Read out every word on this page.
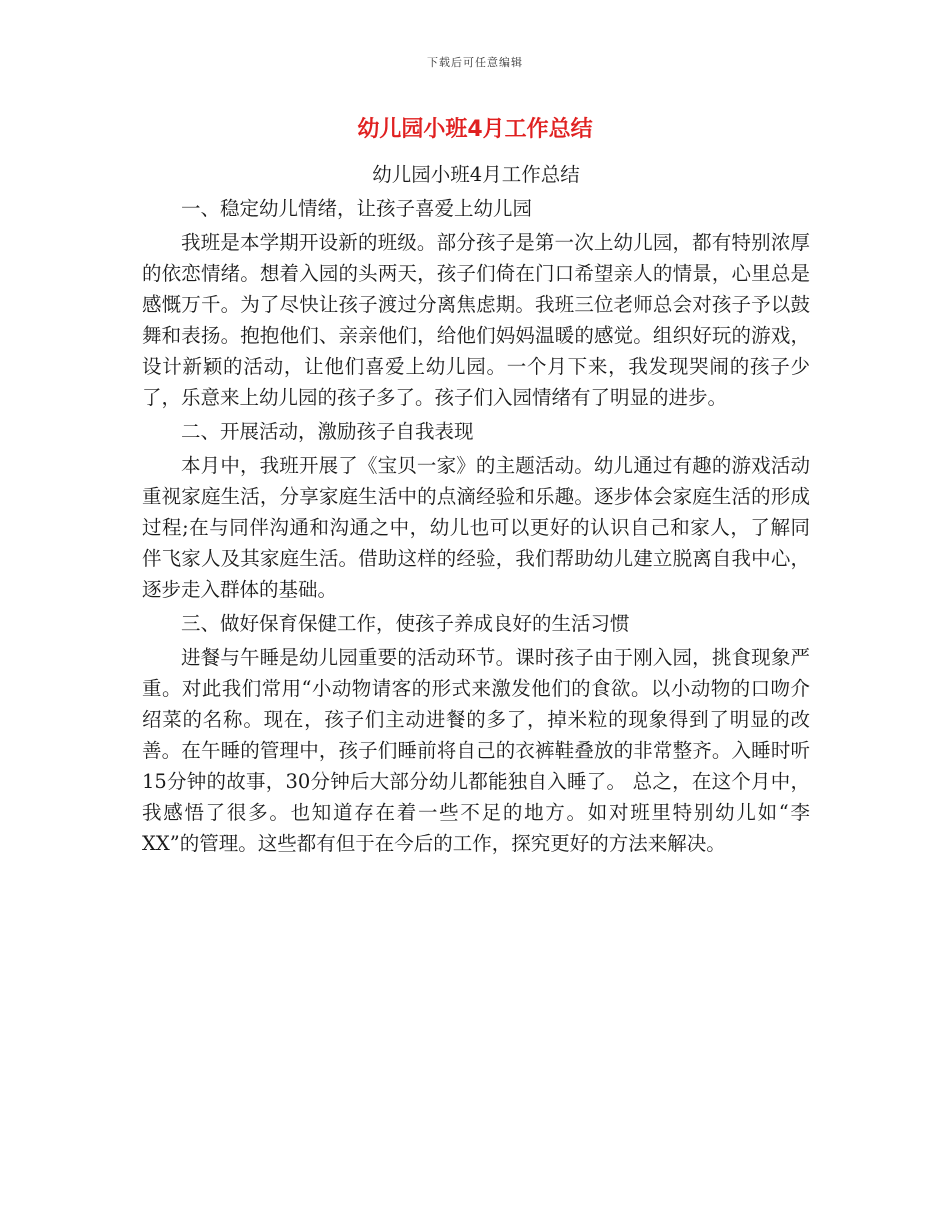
下载后可任意编辑
幼儿园小班4月工作总结

幼儿园小班4月工作总结

一、稳定幼儿情绪，让孩子喜爱上幼儿园

我班是本学期开设新的班级。部分孩子是第一次上幼儿园，都有特别浓厚的依恋情绪。想着入园的头两天，孩子们倚在门口希望亲人的情景，心里总是感慨万千。为了尽快让孩子渡过分离焦虑期。我班三位老师总会对孩子予以鼓舞和表扬。抱抱他们、亲亲他们，给他们妈妈温暖的感觉。组织好玩的游戏，设计新颖的活动，让他们喜爱上幼儿园。一个月下来，我发现哭闹的孩子少了，乐意来上幼儿园的孩子多了。孩子们入园情绪有了明显的进步。

二、开展活动，激励孩子自我表现

本月中，我班开展了《宝贝一家》的主题活动。幼儿通过有趣的游戏活动重视家庭生活，分享家庭生活中的点滴经验和乐趣。逐步体会家庭生活的形成过程;在与同伴沟通和沟通之中，幼儿也可以更好的认识自己和家人，了解同伴飞家人及其家庭生活。借助这样的经验，我们帮助幼儿建立脱离自我中心，逐步走入群体的基础。

三、做好保育保健工作，使孩子养成良好的生活习惯

进餐与午睡是幼儿园重要的活动环节。课时孩子由于刚入园，挑食现象严重。对此我们常用“小动物请客的形式来激发他们的食欲。以小动物的口吻介绍菜的名称。现在，孩子们主动进餐的多了，掉米粒的现象得到了明显的改善。在午睡的管理中，孩子们睡前将自己的衣裤鞋叠放的非常整齐。入睡时听15分钟的故事，30分钟后大部分幼儿都能独自入睡了。 总之，在这个月中，我感悟了很多。也知道存在着一些不足的地方。如对班里特别幼儿如“李XX”的管理。这些都有但于在今后的工作，探究更好的方法来解决。
